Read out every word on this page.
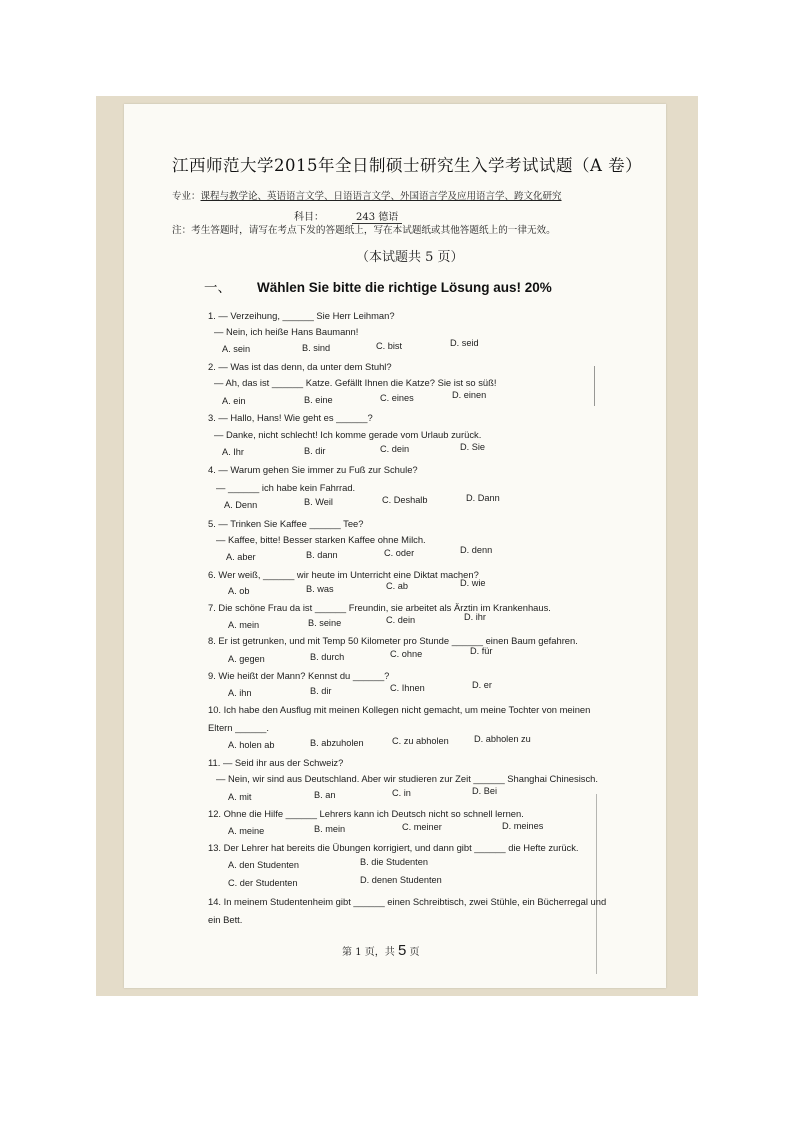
江西师范大学2015年全日制硕士研究生入学考试试题（A 卷）
专业：课程与教学论、英语语言文学、日语语言文学、外国语言学及应用语言学、跨文化研究
科目：	243 德语
注：考生答题时，请写在考点下发的答题纸上，写在本试题纸或其他答题纸上的一律无效。
（本试题共 5 页）
一、 Wählen Sie bitte die richtige Lösung aus! 20%
1. — Verzeihung, ______ Sie Herr Leihman?
— Nein, ich heiße Hans Baumann!
A. sein	B. sind	C. bist	D. seid
2. — Was ist das denn, da unter dem Stuhl?
— Ah, das ist ______ Katze. Gefällt Ihnen die Katze? Sie ist so süß!
A. ein	B. eine	C. eines	D. einen
3. — Hallo, Hans! Wie geht es ______?
— Danke, nicht schlecht! Ich komme gerade vom Urlaub zurück.
A. Ihr	B. dir	C. dein	D. Sie
4. — Warum gehen Sie immer zu Fuß zur Schule?
— ______ ich habe kein Fahrrad.
A. Denn	B. Weil	C. Deshalb	D. Dann
5. — Trinken Sie Kaffee ______ Tee?
— Kaffee, bitte! Besser starken Kaffee ohne Milch.
A. aber	B. dann	C. oder	D. denn
6. Wer weiß, ______ wir heute im Unterricht eine Diktat machen?
A. ob	B. was	C. ab	D. wie
7. Die schöne Frau da ist ______ Freundin, sie arbeitet als Ärztin im Krankenhaus.
A. mein	B. seine	C. dein	D. ihr
8. Er ist getrunken, und mit Temp 50 Kilometer pro Stunde ______ einen Baum gefahren.
A. gegen	B. durch	C. ohne	D. für
9. Wie heißt der Mann? Kennst du ______?
A. ihn	B. dir	C. Ihnen	D. er
10. Ich habe den Ausflug mit meinen Kollegen nicht gemacht, um meine Tochter von meinen
Eltern ______.
A. holen ab	B. abzuholen	C. zu abholen	D. abholen zu
11. — Seid ihr aus der Schweiz?
— Nein, wir sind aus Deutschland. Aber wir studieren zur Zeit ______ Shanghai Chinesisch.
A. mit	B. an	C. in	D. Bei
12. Ohne die Hilfe ______ Lehrers kann ich Deutsch nicht so schnell lernen.
A. meine	B. mein	C. meiner	D. meines
13. Der Lehrer hat bereits die Übungen korrigiert, und dann gibt ______ die Hefte zurück.
A. den Studenten	B. die Studenten
C. der Studenten	D. denen Studenten
14. In meinem Studentenheim gibt ______ einen Schreibtisch, zwei Stühle, ein Bücherregal und
ein Bett.
第 1 页，共 5 页
